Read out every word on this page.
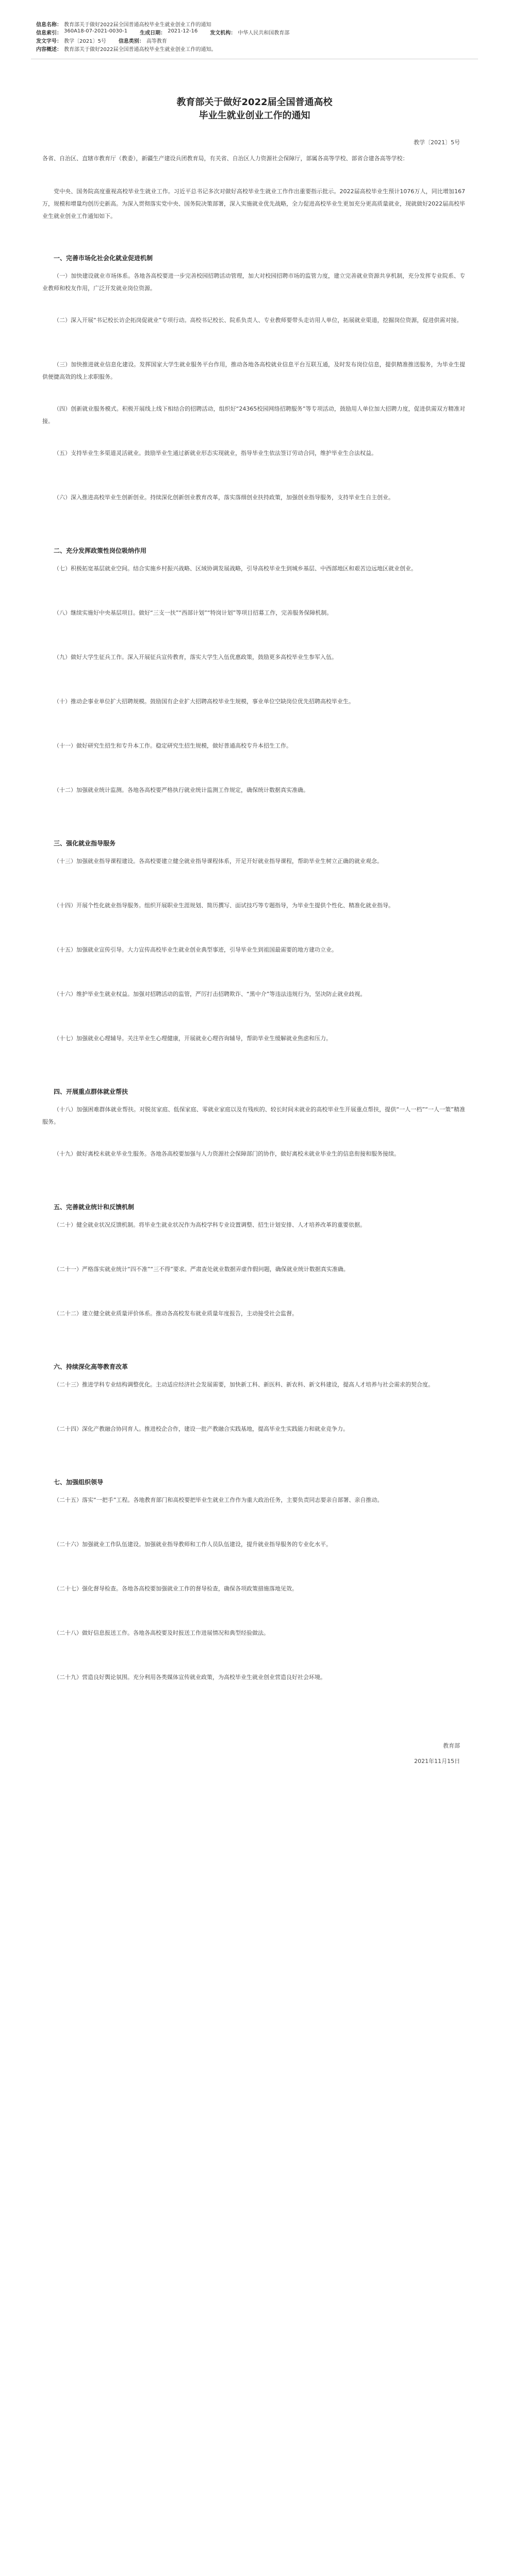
信息名称： 教育部关于做好2022届全国普通高校毕业生就业创业工作的通知
信息索引： 360A18-07-2021-0030-1 生成日期： 2021-12-16 发文机构： 中华人民共和国教育部
发文字号： 教学〔2021〕5号 信息类别： 高等教育
内容概述： 教育部关于做好2022届全国普通高校毕业生就业创业工作的通知。
教育部关于做好2022届全国普通高校
毕业生就业创业工作的通知
教学〔2021〕5号
各省、自治区、直辖市教育厅（教委），新疆生产建设兵团教育局，有关省、自治区人力资源社会保障厅，部属各高等学校、部省合建各高等学校：
党中央、国务院高度重视高校毕业生就业工作。习近平总书记多次对做好高校毕业生就业工作作出重要指示批示。2022届高校毕业生预计1076万人，同比增加167万，规模和增量均创历史新高。为深入贯彻落实党中央、国务院决策部署，深入实施就业优先战略，全力促进高校毕业生更加充分更高质量就业，现就做好2022届高校毕业生就业创业工作通知如下。
一、完善市场化社会化就业促进机制
（一）加快建设就业市场体系。各地各高校要进一步完善校园招聘活动管理，加大对校园招聘市场的监管力度，建立完善就业资源共享机制，充分发挥专业院系、专业教师和校友作用，广泛开发就业岗位资源。
（二）深入开展“书记校长访企拓岗促就业”专项行动。高校书记校长、院系负责人、专业教师要带头走访用人单位，拓展就业渠道，挖掘岗位资源，促进供需对接。
（三）加快推进就业信息化建设。发挥国家大学生就业服务平台作用，推动各地各高校就业信息平台互联互通，及时发布岗位信息，提供精准推送服务，为毕业生提供便捷高效的线上求职服务。
（四）创新就业服务模式。积极开展线上线下相结合的招聘活动，组织好“24365校园网络招聘服务”等专项活动，鼓励用人单位加大招聘力度，促进供需双方精准对接。
（五）支持毕业生多渠道灵活就业。鼓励毕业生通过新就业形态实现就业，指导毕业生依法签订劳动合同，维护毕业生合法权益。
（六）深入推进高校毕业生创新创业。持续深化创新创业教育改革，落实落细创业扶持政策，加强创业指导服务，支持毕业生自主创业。
二、充分发挥政策性岗位吸纳作用
（七）积极拓宽基层就业空间。结合实施乡村振兴战略、区域协调发展战略，引导高校毕业生到城乡基层、中西部地区和艰苦边远地区就业创业。
（八）继续实施好中央基层项目。做好“三支一扶”“西部计划”“特岗计划”等项目招募工作，完善服务保障机制。
（九）做好大学生征兵工作。深入开展征兵宣传教育，落实大学生入伍优惠政策，鼓励更多高校毕业生参军入伍。
（十）推动企事业单位扩大招聘规模。鼓励国有企业扩大招聘高校毕业生规模，事业单位空缺岗位优先招聘高校毕业生。
（十一）做好研究生招生和专升本工作。稳定研究生招生规模，做好普通高校专升本招生工作。
（十二）加强就业统计监测。各地各高校要严格执行就业统计监测工作规定，确保统计数据真实准确。
三、强化就业指导服务
（十三）加强就业指导课程建设。各高校要建立健全就业指导课程体系，开足开好就业指导课程，帮助毕业生树立正确的就业观念。
（十四）开展个性化就业指导服务。组织开展职业生涯规划、简历撰写、面试技巧等专题指导，为毕业生提供个性化、精准化就业指导。
（十五）加强就业宣传引导。大力宣传高校毕业生就业创业典型事迹，引导毕业生到祖国最需要的地方建功立业。
（十六）维护毕业生就业权益。加强对招聘活动的监管，严厉打击招聘欺诈、“黑中介”等违法违规行为，坚决防止就业歧视。
（十七）加强就业心理辅导。关注毕业生心理健康，开展就业心理咨询辅导，帮助毕业生缓解就业焦虑和压力。
四、开展重点群体就业帮扶
（十八）加强困难群体就业帮扶。对脱贫家庭、低保家庭、零就业家庭以及有残疾的、较长时间未就业的高校毕业生开展重点帮扶，提供“一人一档”“一人一策”精准服务。
（十九）做好离校未就业毕业生服务。各地各高校要加强与人力资源社会保障部门的协作，做好离校未就业毕业生的信息衔接和服务接续。
五、完善就业统计和反馈机制
（二十）健全就业状况反馈机制。将毕业生就业状况作为高校学科专业设置调整、招生计划安排、人才培养改革的重要依据。
（二十一）严格落实就业统计“四不准”“三不得”要求。严肃查处就业数据弄虚作假问题，确保就业统计数据真实准确。
（二十二）建立健全就业质量评价体系。推动各高校发布就业质量年度报告，主动接受社会监督。
六、持续深化高等教育改革
（二十三）推进学科专业结构调整优化。主动适应经济社会发展需要，加快新工科、新医科、新农科、新文科建设，提高人才培养与社会需求的契合度。
（二十四）深化产教融合协同育人。推进校企合作，建设一批产教融合实践基地，提高毕业生实践能力和就业竞争力。
七、加强组织领导
（二十五）落实“一把手”工程。各地教育部门和高校要把毕业生就业工作作为重大政治任务，主要负责同志要亲自部署、亲自推动。
（二十六）加强就业工作队伍建设。加强就业指导教师和工作人员队伍建设，提升就业指导服务的专业化水平。
（二十七）强化督导检查。各地各高校要加强就业工作的督导检查，确保各项政策措施落地见效。
（二十八）做好信息报送工作。各地各高校要及时报送工作进展情况和典型经验做法。
（二十九）营造良好舆论氛围。充分利用各类媒体宣传就业政策，为高校毕业生就业创业营造良好社会环境。
教育部
2021年11月15日
